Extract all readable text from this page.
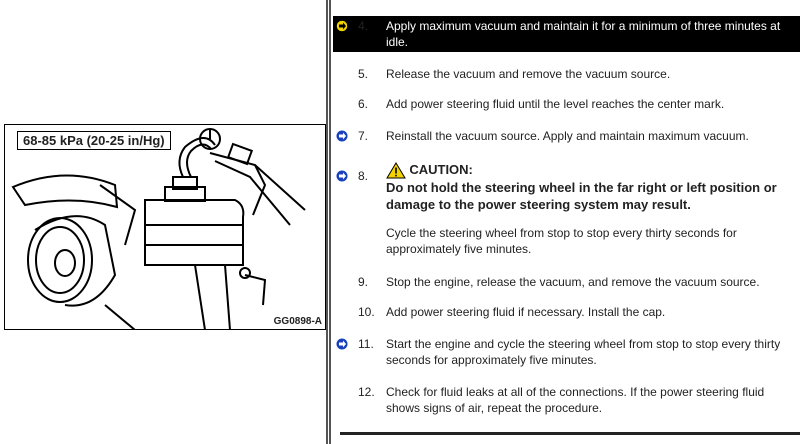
68-85 kPa (20-25 in/Hg)
GG0898-A
4. Apply maximum vacuum and maintain it for a minimum of three minutes at idle.
5. Release the vacuum and remove the vacuum source.
6. Add power steering fluid until the level reaches the center mark.
7. Reinstall the vacuum source. Apply and maintain maximum vacuum.
8.	CAUTION:
Do not hold the steering wheel in the far right or left position or damage to the power steering system may result.
Cycle the steering wheel from stop to stop every thirty seconds for approximately five minutes.
9. Stop the engine, release the vacuum, and remove the vacuum source.
10. Add power steering fluid if necessary. Install the cap.
11. Start the engine and cycle the steering wheel from stop to stop every thirty seconds for approximately five minutes.
12. Check for fluid leaks at all of the connections. If the power steering fluid shows signs of air, repeat the procedure.
